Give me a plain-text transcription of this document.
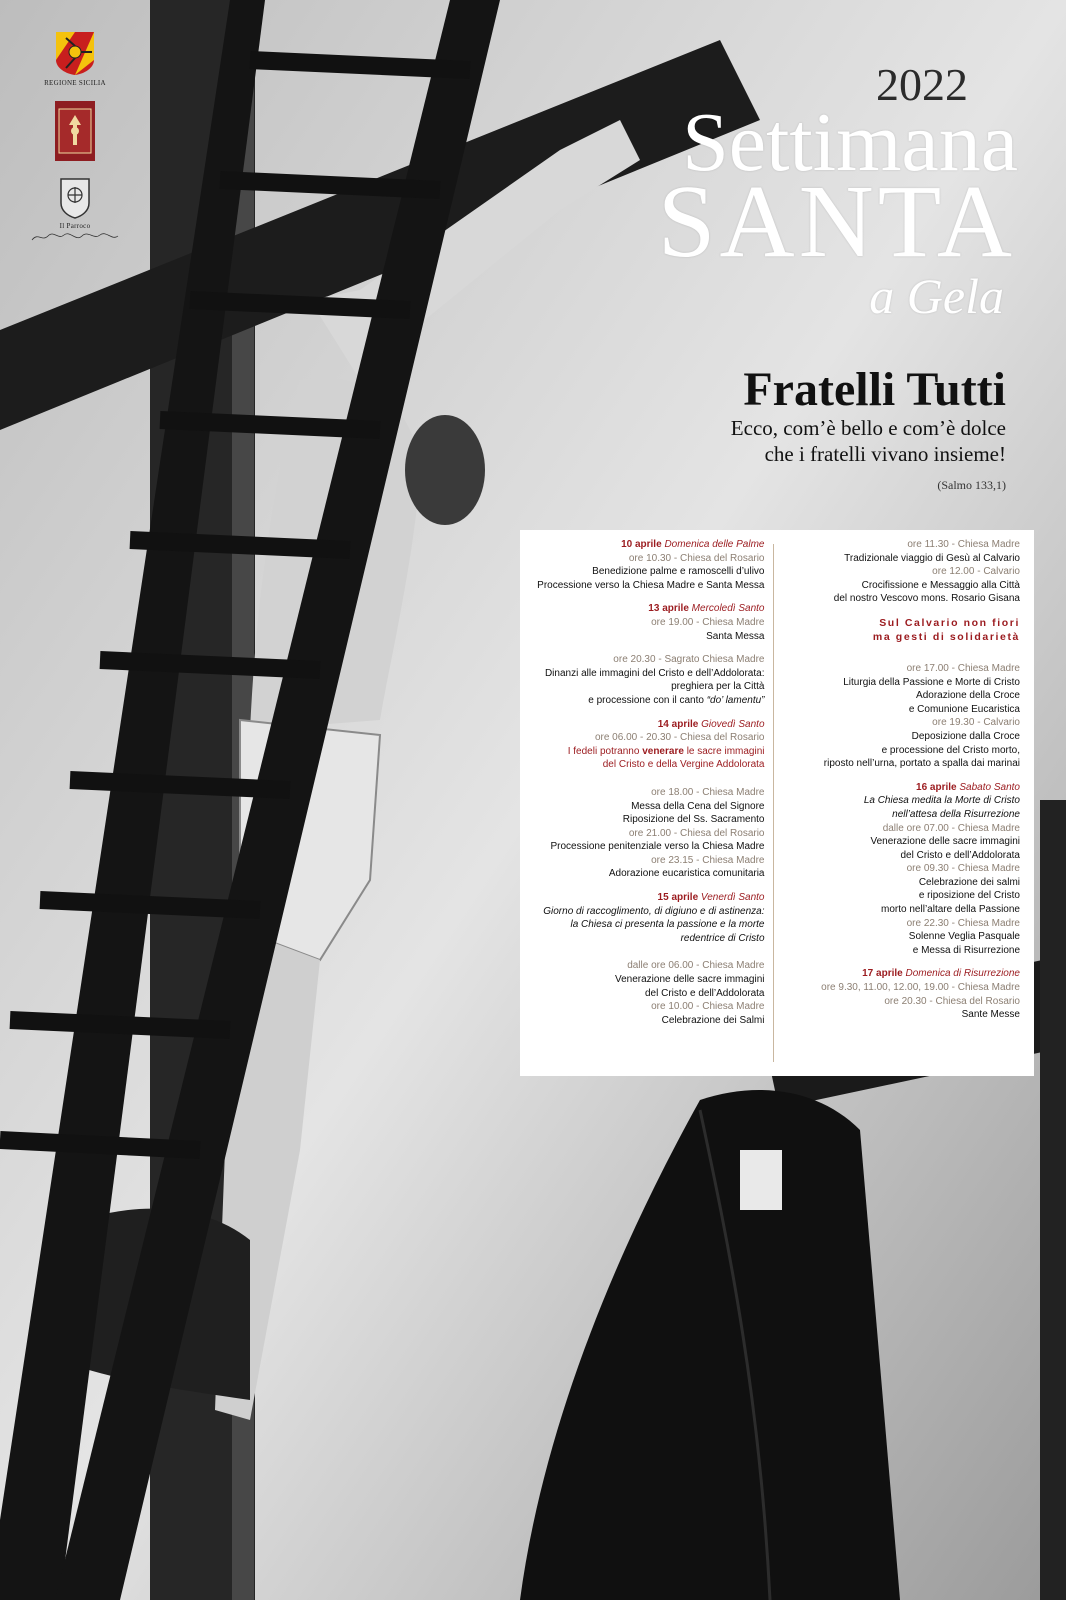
REGIONE SICILIA
Il Parroco
2022
Settimana
SANTA
a Gela
Fratelli Tutti
Ecco, com’è bello e com’è dolce
che i fratelli vivano insieme!
(Salmo 133,1)
10 aprile Domenica delle Palme
ore 10.30 - Chiesa del Rosario
Benedizione palme e ramoscelli d’ulivo
Processione verso la Chiesa Madre e Santa Messa
13 aprile Mercoledì Santo
ore 19.00 - Chiesa Madre
Santa Messa
ore 20.30 - Sagrato Chiesa Madre
Dinanzi alle immagini del Cristo e dell’Addolorata:
preghiera per la Città
e processione con il canto “do’ lamentu”
14 aprile Giovedì Santo
ore 06.00 - 20.30 - Chiesa del Rosario
I fedeli potranno venerare le sacre immagini
del Cristo e della Vergine Addolorata
ore 18.00 - Chiesa Madre
Messa della Cena del Signore
Riposizione del Ss. Sacramento
ore 21.00 - Chiesa del Rosario
Processione penitenziale verso la Chiesa Madre
ore 23.15 - Chiesa Madre
Adorazione eucaristica comunitaria
15 aprile Venerdì Santo
Giorno di raccoglimento, di digiuno e di astinenza:
la Chiesa ci presenta la passione e la morte
redentrice di Cristo
dalle ore 06.00 - Chiesa Madre
Venerazione delle sacre immagini
del Cristo e dell’Addolorata
ore 10.00 - Chiesa Madre
Celebrazione dei Salmi
ore 11.30 - Chiesa Madre
Tradizionale viaggio di Gesù al Calvario
ore 12.00 - Calvario
Crocifissione e Messaggio alla Città
del nostro Vescovo mons. Rosario Gisana
Sul Calvario non fiori
ma gesti di solidarietà
ore 17.00 - Chiesa Madre
Liturgia della Passione e Morte di Cristo
Adorazione della Croce
e Comunione Eucaristica
ore 19.30 - Calvario
Deposizione dalla Croce
e processione del Cristo morto,
riposto nell’urna, portato a spalla dai marinai
16 aprile Sabato Santo
La Chiesa medita la Morte di Cristo
nell’attesa della Risurrezione
dalle ore 07.00 - Chiesa Madre
Venerazione delle sacre immagini
del Cristo e dell’Addolorata
ore 09.30 - Chiesa Madre
Celebrazione dei salmi
e riposizione del Cristo
morto nell’altare della Passione
ore 22.30 - Chiesa Madre
Solenne Veglia Pasquale
e Messa di Risurrezione
17 aprile Domenica di Risurrezione
ore 9.30, 11.00, 12.00, 19.00 - Chiesa Madre
ore 20.30 - Chiesa del Rosario
Sante Messe
